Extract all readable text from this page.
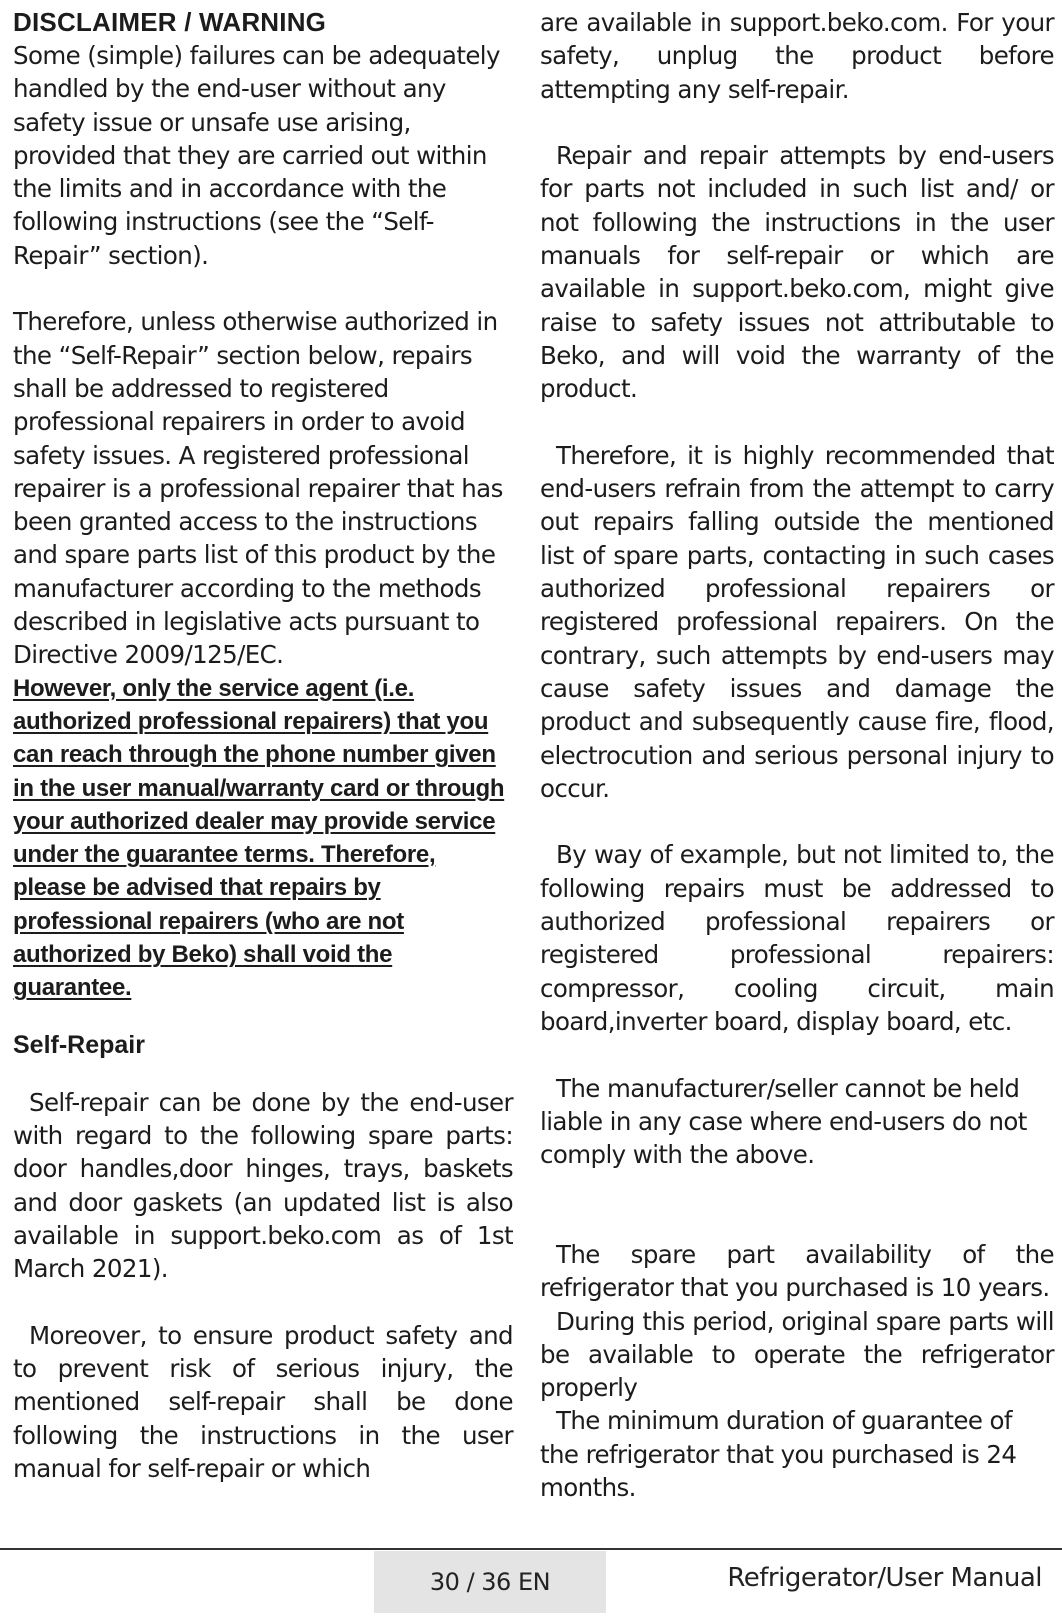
DISCLAIMER / WARNING

Some (simple) failures can be adequately handled by the end-user without any safety issue or unsafe use arising, provided that they are carried out within the limits and in accordance with the following instructions (see the “Self-Repair” section).

Therefore, unless otherwise authorized in the “Self-Repair” section below, repairs shall be addressed to registered professional repairers in order to avoid safety issues. A registered professional repairer is a professional repairer that has been granted access to the instructions and spare parts list of this product by the manufacturer according to the methods described in legislative acts pursuant to Directive 2009/125/EC.

However, only the service agent (i.e. authorized professional repairers) that you can reach through the phone number given in the user manual/warranty card or through your authorized dealer may provide service under the guarantee terms. Therefore, please be advised that repairs by professional repairers (who are not authorized by Beko) shall void the guarantee.

Self-Repair

Self-repair can be done by the end-user with regard to the following spare parts: door handles,door hinges, trays, baskets and door gaskets (an updated list is also available in support.beko.com as of 1st March 2021).

Moreover, to ensure product safety and to prevent risk of serious injury, the mentioned self-repair shall be done following the instructions in the user manual for self-repair or which

are available in support.beko.com. For your safety, unplug the product before attempting any self-repair.

Repair and repair attempts by end-users for parts not included in such list and/ or not following the instructions in the user manuals for self-repair or which are available in support.beko.com, might give raise to safety issues not attributable to Beko, and will void the warranty of the product.

Therefore, it is highly recommended that end-users refrain from the attempt to carry out repairs falling outside the mentioned list of spare parts, contacting in such cases authorized professional repairers or registered professional repairers. On the contrary, such attempts by end-users may cause safety issues and damage the product and subsequently cause fire, flood, electrocution and serious personal injury to occur.

By way of example, but not limited to, the following repairs must be addressed to authorized professional repairers or registered professional repairers: compressor, cooling circuit, main board,inverter board, display board, etc.

The manufacturer/seller cannot be held liable in any case where end-users do not comply with the above.

The spare part availability of the refrigerator that you purchased is 10 years.

During this period, original spare parts will be available to operate the refrigerator properly

The minimum duration of guarantee of the refrigerator that you purchased is 24 months.

30 / 36 EN	Refrigerator/User Manual
